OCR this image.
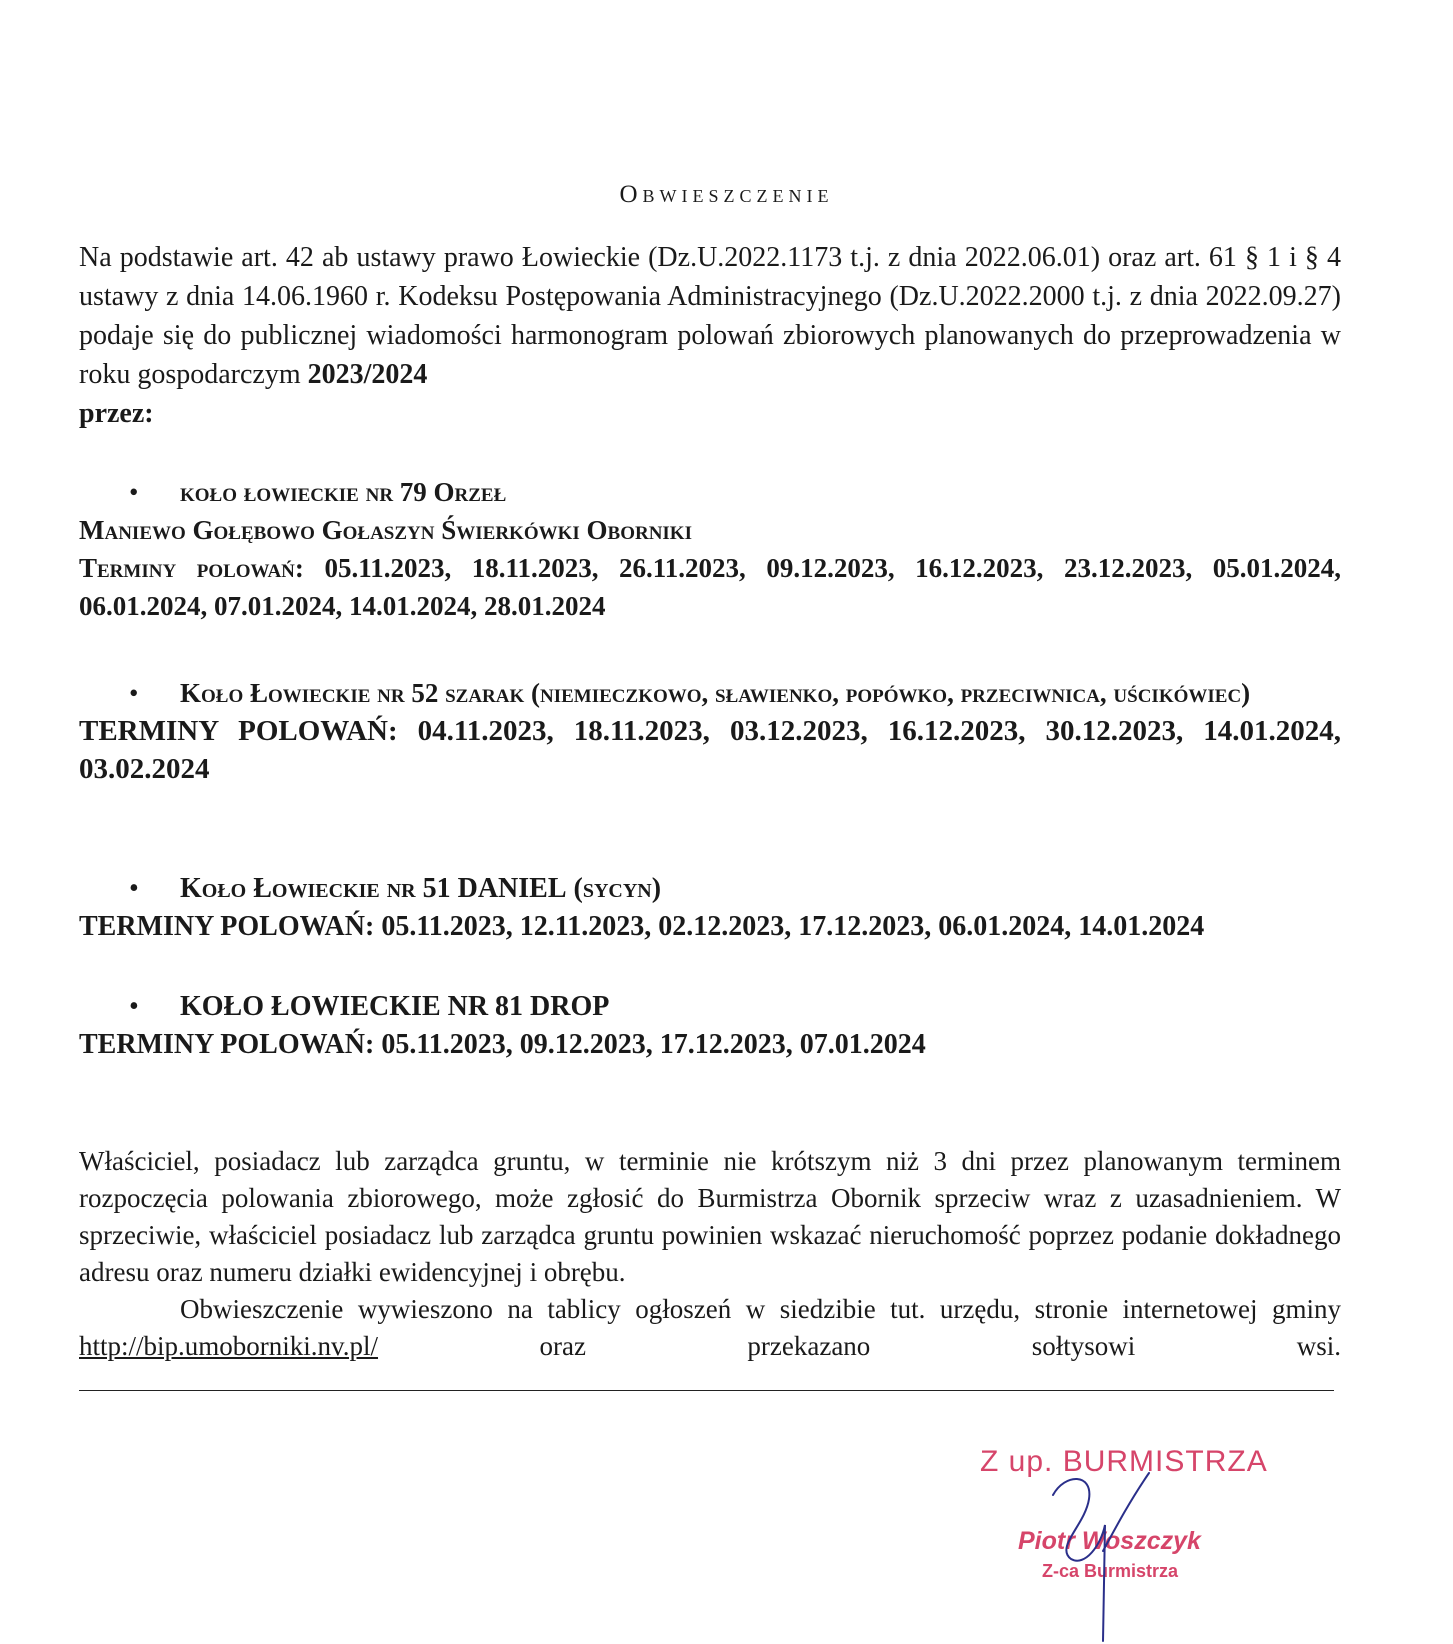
Obwieszczenie

Na podstawie art. 42 ab ustawy prawo Łowieckie (Dz.U.2022.1173 t.j. z dnia 2022.06.01) oraz art. 61 § 1 i § 4 ustawy z dnia 14.06.1960 r. Kodeksu Postępowania Administracyjnego (Dz.U.2022.2000 t.j. z dnia 2022.09.27) podaje się do publicznej wiadomości harmonogram polowań zbiorowych planowanych do przeprowadzenia w roku gospodarczym 2023/2024
przez:

• koło łowieckie nr 79 Orzeł
Maniewo Gołębowo Gołaszyn Świerkówki Oborniki
Terminy polowań: 05.11.2023, 18.11.2023, 26.11.2023, 09.12.2023, 16.12.2023, 23.12.2023, 05.01.2024, 06.01.2024, 07.01.2024, 14.01.2024, 28.01.2024
• Koło Łowieckie nr 52 szarak (niemieczkowo, sławienko, popówko, przeciwnica, uścikówiec)
TERMINY POLOWAŃ: 04.11.2023, 18.11.2023, 03.12.2023, 16.12.2023, 30.12.2023, 14.01.2024, 03.02.2024
• Koło Łowieckie nr 51 DANIEL (sycyn)
TERMINY POLOWAŃ: 05.11.2023, 12.11.2023, 02.12.2023, 17.12.2023, 06.01.2024, 14.01.2024
• KOŁO ŁOWIECKIE NR 81 DROP
TERMINY POLOWAŃ: 05.11.2023, 09.12.2023, 17.12.2023, 07.01.2024

Właściciel, posiadacz lub zarządca gruntu, w terminie nie krótszym niż 3 dni przez planowanym terminem rozpoczęcia polowania zbiorowego, może zgłosić do Burmistrza Obornik sprzeciw wraz z uzasadnieniem. W sprzeciwie, właściciel posiadacz lub zarządca gruntu powinien wskazać nieruchomość poprzez podanie dokładnego adresu oraz numeru działki ewidencyjnej i obrębu.

Obwieszczenie wywieszono na tablicy ogłoszeń w siedzibie tut. urzędu, stronie internetowej gminy http://bip.umoborniki.nv.pl/ oraz przekazano sołtysowi wsi.

Z up. BURMISTRZA
Piotr Woszczyk
Z-ca Burmistrza
